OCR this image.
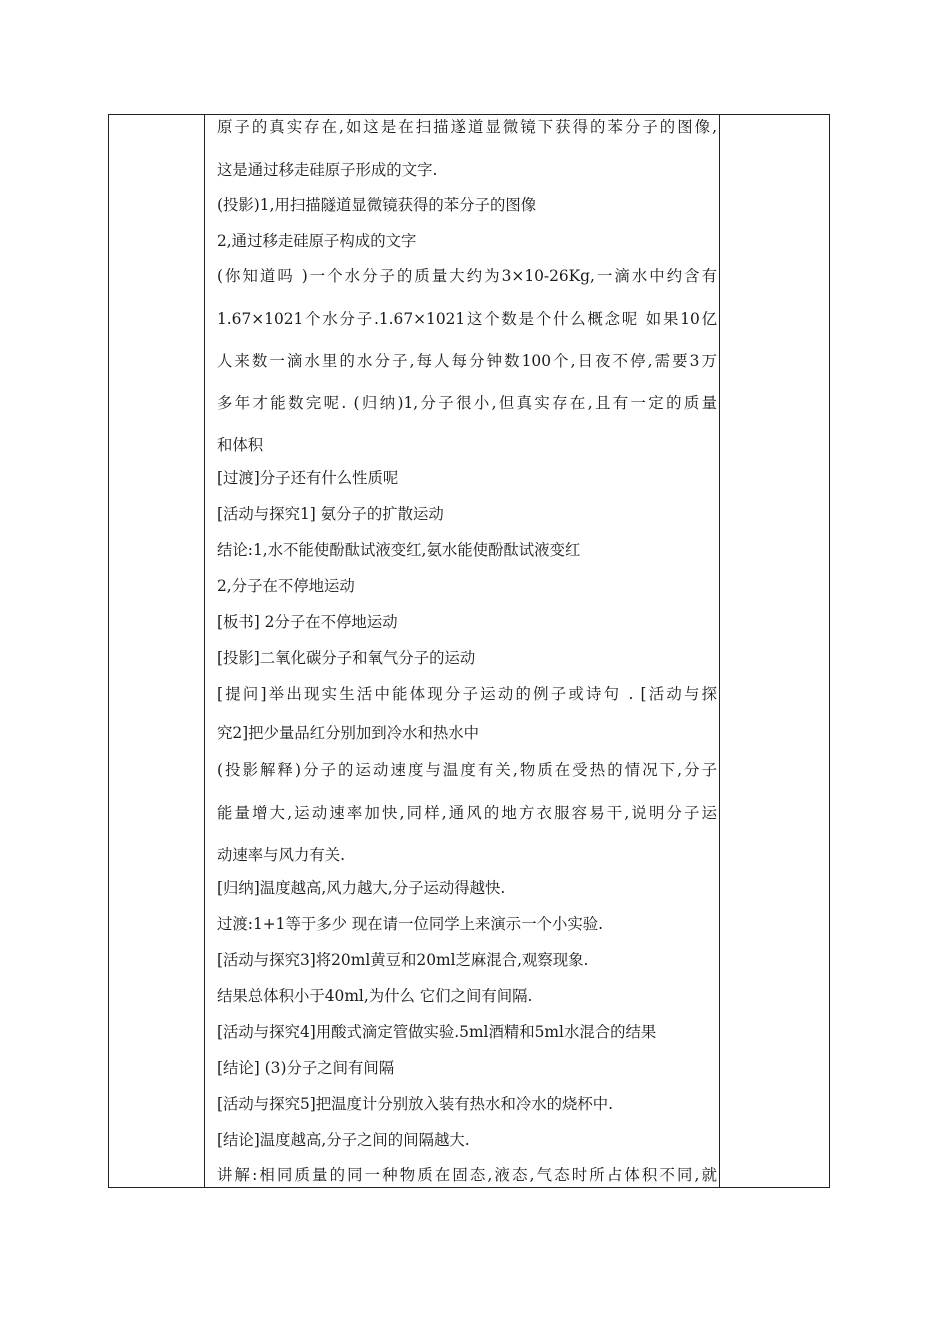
原子的真实存在,如这是在扫描遂道显微镜下获得的苯分子的图像,
这是通过移走硅原子形成的文字.
(投影)1,用扫描隧道显微镜获得的苯分子的图像
2,通过移走硅原子构成的文字
(你知道吗 )一个水分子的质量大约为3×10-26Kg,一滴水中约含有
1.67×1021个水分子.1.67×1021这个数是个什么概念呢 如果10亿
人来数一滴水里的水分子,每人每分钟数100个,日夜不停,需要3万
多年才能数完呢. (归纳)1,分子很小,但真实存在,且有一定的质量
和体积
[过渡]分子还有什么性质呢
[活动与探究1] 氨分子的扩散运动
结论:1,水不能使酚酞试液变红,氨水能使酚酞试液变红
2,分子在不停地运动
[板书] 2分子在不停地运动
[投影]二氧化碳分子和氧气分子的运动
[提问]举出现实生活中能体现分子运动的例子或诗句 . [活动与探
究2]把少量品红分别加到冷水和热水中
(投影解释)分子的运动速度与温度有关,物质在受热的情况下,分子
能量增大,运动速率加快,同样,通风的地方衣服容易干,说明分子运
动速率与风力有关.
[归纳]温度越高,风力越大,分子运动得越快.
过渡:1+1等于多少 现在请一位同学上来演示一个小实验.
[活动与探究3]将20ml黄豆和20ml芝麻混合,观察现象.
结果总体积小于40ml,为什么 它们之间有间隔.
[活动与探究4]用酸式滴定管做实验.5ml酒精和5ml水混合的结果
[结论] (3)分子之间有间隔
[活动与探究5]把温度计分别放入装有热水和冷水的烧杯中.
[结论]温度越高,分子之间的间隔越大.
讲解:相同质量的同一种物质在固态,液态,气态时所占体积不同,就
